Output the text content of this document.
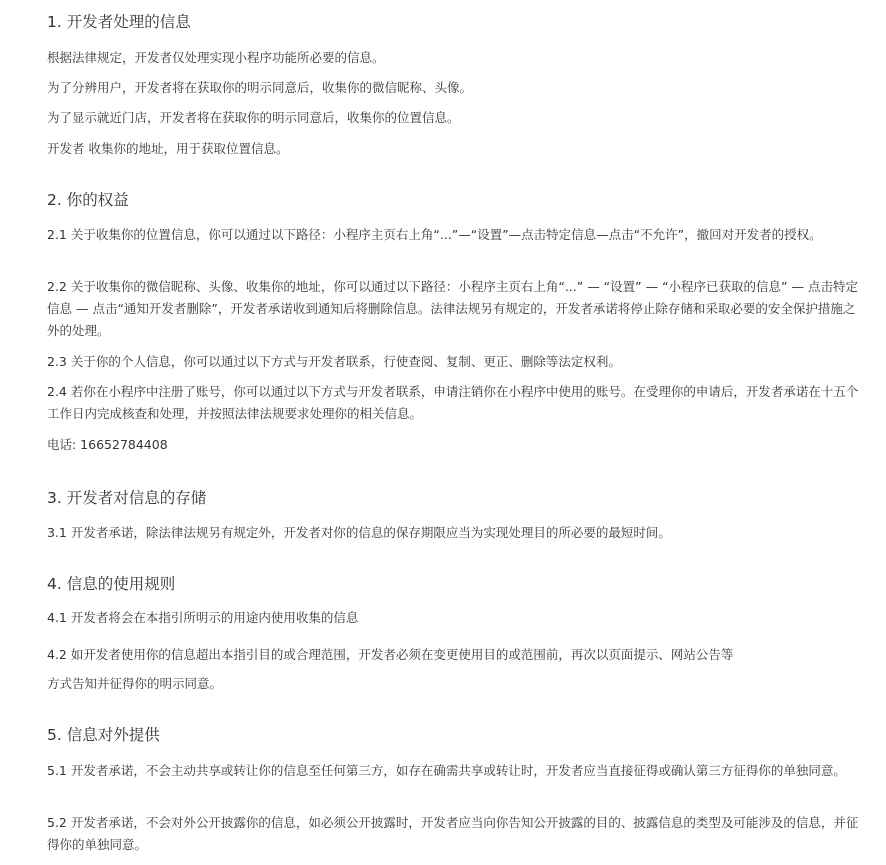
1. 开发者处理的信息
根据法律规定，开发者仅处理实现小程序功能所必要的信息。
为了分辨用户，开发者将在获取你的明示同意后，收集你的微信昵称、头像。
为了显示就近门店，开发者将在获取你的明示同意后，收集你的位置信息。
开发者 收集你的地址，用于获取位置信息。
2. 你的权益
2.1 关于收集你的位置信息，你可以通过以下路径：小程序主页右上角“...”—“设置”—点击特定信息—点击“不允许”，撤回对开发者的授权。
2.2 关于收集你的微信昵称、头像、收集你的地址，你可以通过以下路径：小程序主页右上角“...” — “设置” — “小程序已获取的信息” — 点击特定信息 — 点击“通知开发者删除”，开发者承诺收到通知后将删除信息。法律法规另有规定的，开发者承诺将停止除存储和采取必要的安全保护措施之外的处理。
2.3 关于你的个人信息，你可以通过以下方式与开发者联系，行使查阅、复制、更正、删除等法定权利。
2.4 若你在小程序中注册了账号，你可以通过以下方式与开发者联系，申请注销你在小程序中使用的账号。在受理你的申请后，开发者承诺在十五个工作日内完成核查和处理，并按照法律法规要求处理你的相关信息。
电话: 16652784408
3. 开发者对信息的存储
3.1 开发者承诺，除法律法规另有规定外，开发者对你的信息的保存期限应当为实现处理目的所必要的最短时间。
4. 信息的使用规则
4.1 开发者将会在本指引所明示的用途内使用收集的信息
4.2 如开发者使用你的信息超出本指引目的或合理范围，开发者必须在变更使用目的或范围前，再次以页面提示、网站公告等
方式告知并征得你的明示同意。
5. 信息对外提供
5.1 开发者承诺，不会主动共享或转让你的信息至任何第三方，如存在确需共享或转让时，开发者应当直接征得或确认第三方征得你的单独同意。
5.2 开发者承诺，不会对外公开披露你的信息，如必须公开披露时，开发者应当向你告知公开披露的目的、披露信息的类型及可能涉及的信息，并征得你的单独同意。
